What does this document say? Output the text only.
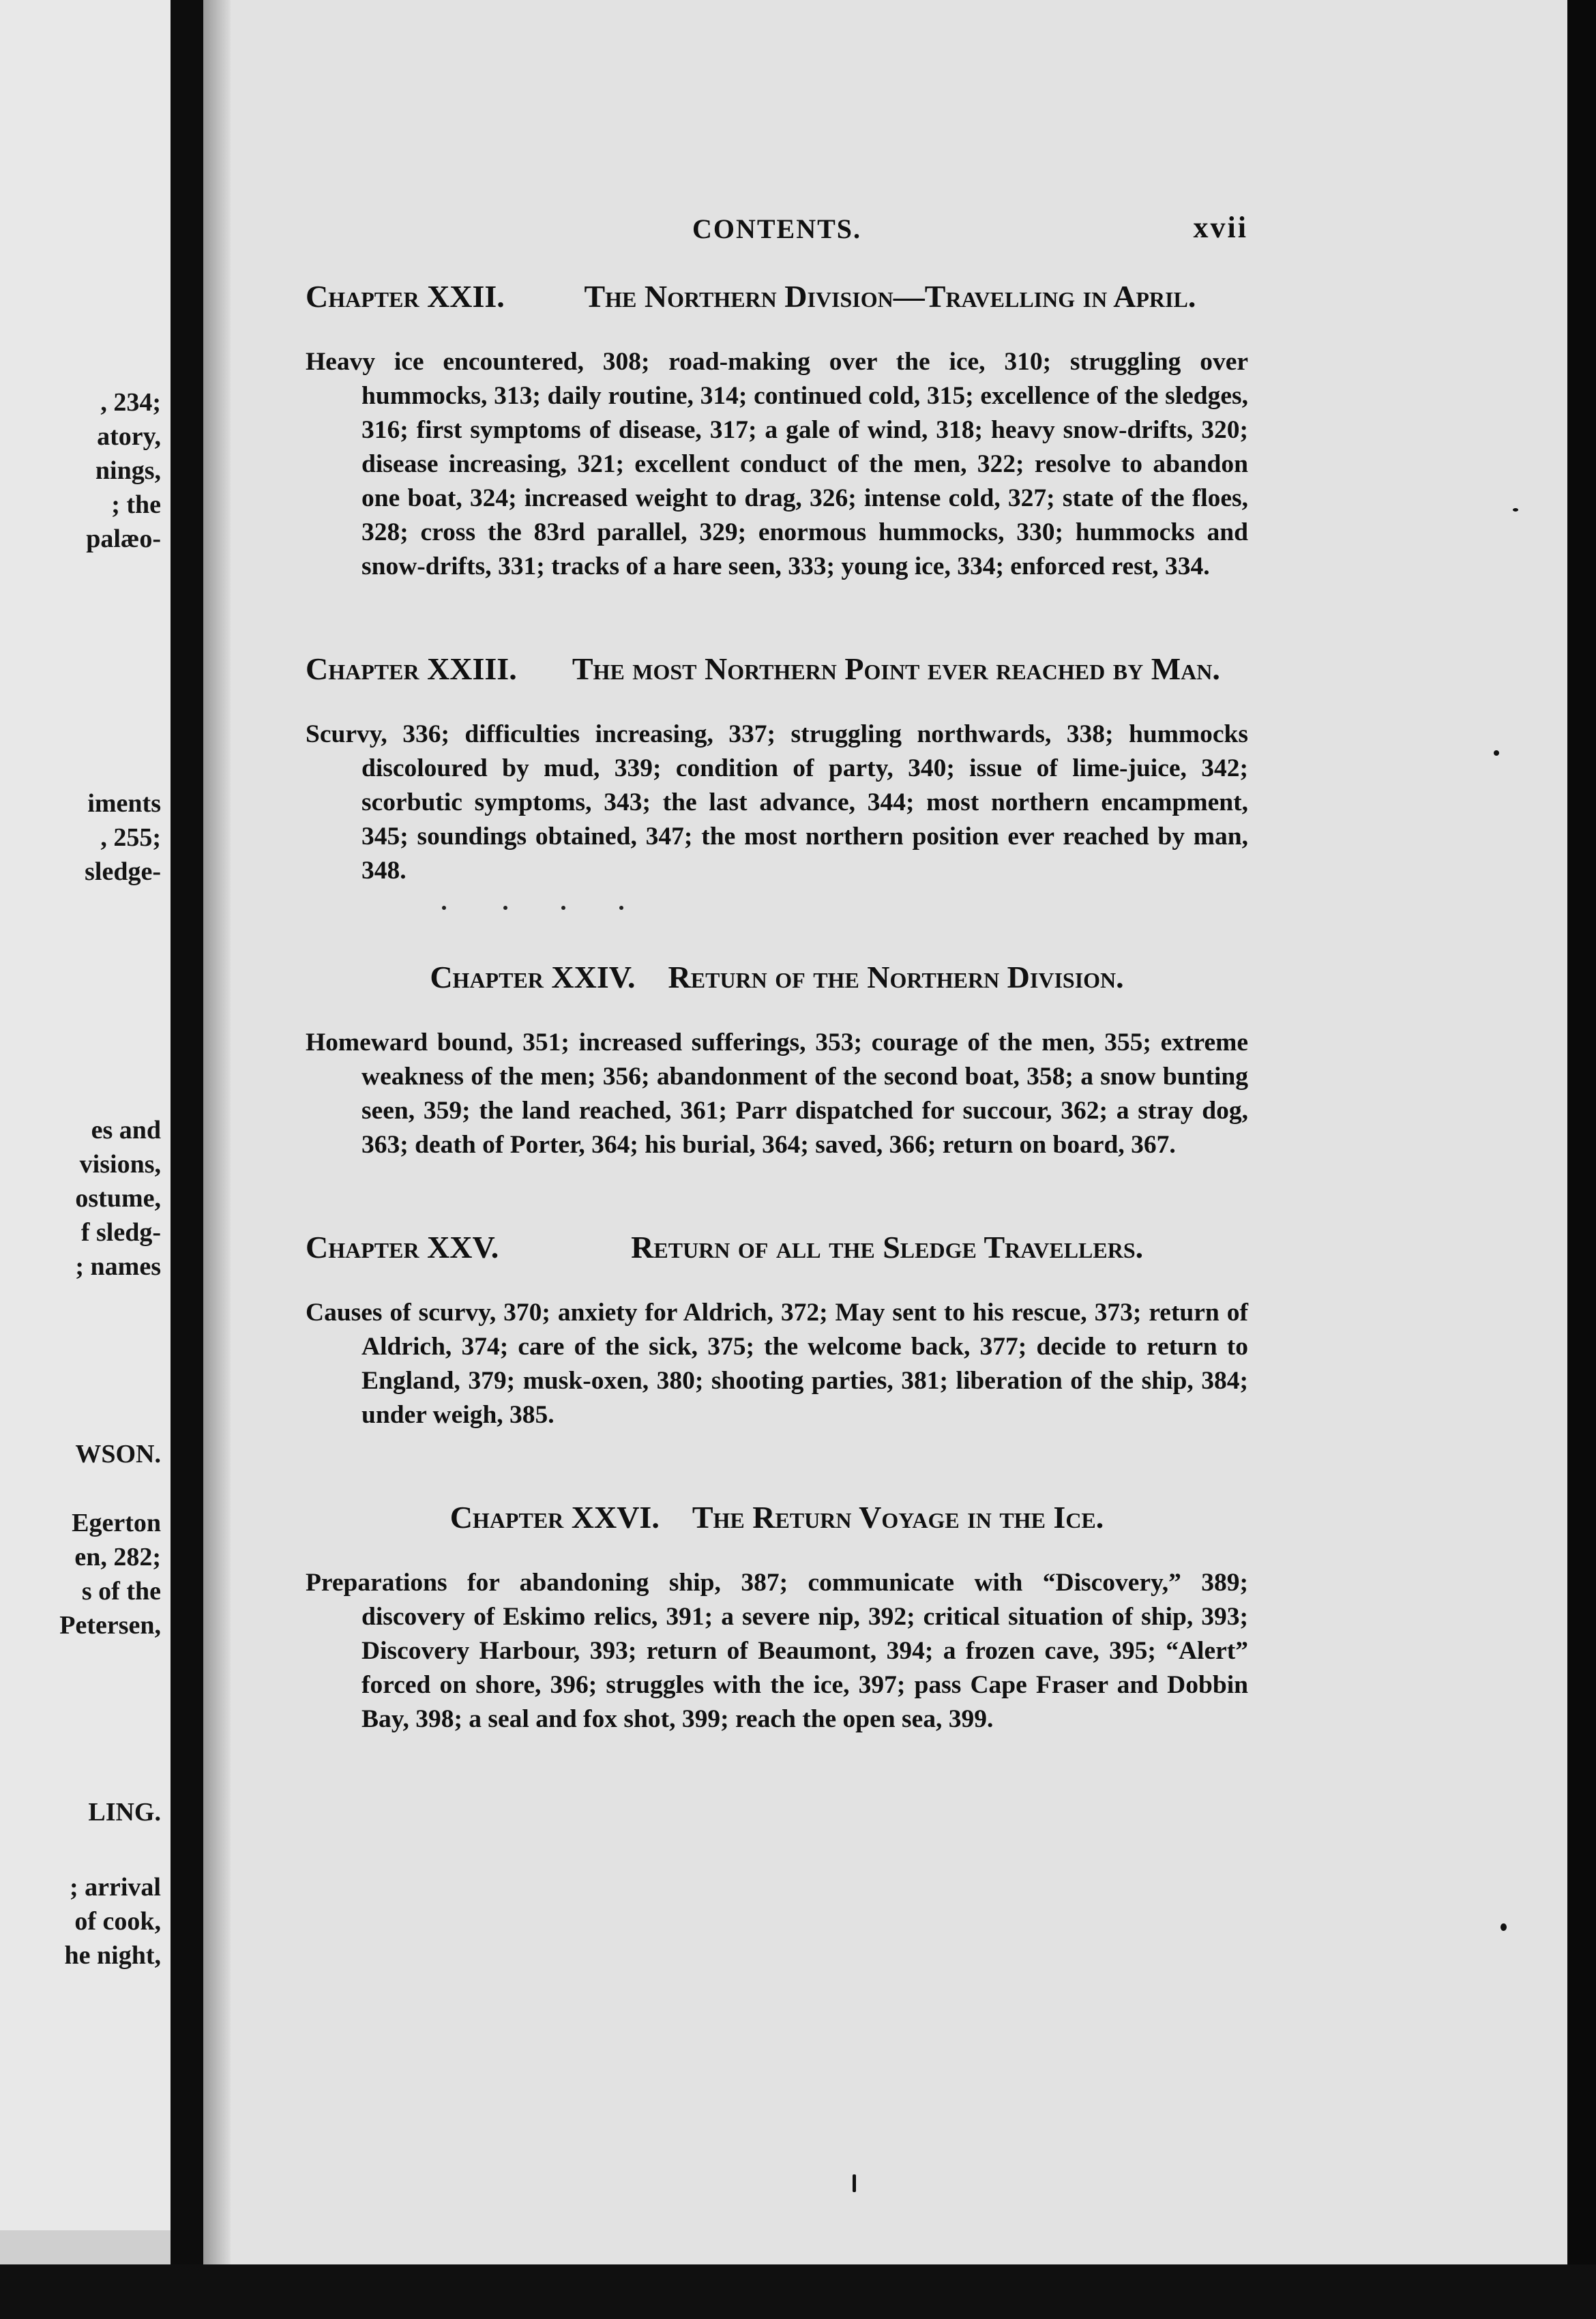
, 234;
atory,
nings,
; the
palæo-
iments
, 255;
sledge-
es and
visions,
ostume,
f sledg-
; names
WSON.
Egerton
en, 282;
s of the
Petersen,
LING.
; arrival
of cook,
he night,
CONTENTS.	xvii
Chapter XXII.	The Northern Division—Travelling in April.

Heavy ice encountered, 308; road-making over the ice, 310; struggling over hummocks, 313; daily routine, 314; continued cold, 315; excellence of the sledges, 316; first symptoms of disease, 317; a gale of wind, 318; heavy snow-drifts, 320; disease increasing, 321; excellent conduct of the men, 322; resolve to abandon one boat, 324; increased weight to drag, 326; intense cold, 327; state of the floes, 328; cross the 83rd parallel, 329; enormous hummocks, 330; hummocks and snow-drifts, 331; tracks of a hare seen, 333; young ice, 334; enforced rest, 334.

Chapter XXIII.	The most Northern Point ever reached by Man.

Scurvy, 336; difficulties increasing, 337; struggling northwards, 338; hummocks discoloured by mud, 339; condition of party, 340; issue of lime-juice, 342; scorbutic symptoms, 343; the last advance, 344; most northern encampment, 345; soundings obtained, 347; the most northern position ever reached by man, 348.

Chapter XXIV. Return of the Northern Division.

Homeward bound, 351; increased sufferings, 353; courage of the men, 355; extreme weakness of the men; 356; abandonment of the second boat, 358; a snow bunting seen, 359; the land reached, 361; Parr dispatched for succour, 362; a stray dog, 363; death of Porter, 364; his burial, 364; saved, 366; return on board, 367.

Chapter XXV.	Return of all the Sledge Travellers.

Causes of scurvy, 370; anxiety for Aldrich, 372; May sent to his rescue, 373; return of Aldrich, 374; care of the sick, 375; the welcome back, 377; decide to return to England, 379; musk-oxen, 380; shooting parties, 381; liberation of the ship, 384; under weigh, 385.

Chapter XXVI. The Return Voyage in the Ice.

Preparations for abandoning ship, 387; communicate with “Discovery,” 389; discovery of Eskimo relics, 391; a severe nip, 392; critical situation of ship, 393; Discovery Harbour, 393; return of Beaumont, 394; a frozen cave, 395; “Alert” forced on shore, 396; struggles with the ice, 397; pass Cape Fraser and Dobbin Bay, 398; a seal and fox shot, 399; reach the open sea, 399.
